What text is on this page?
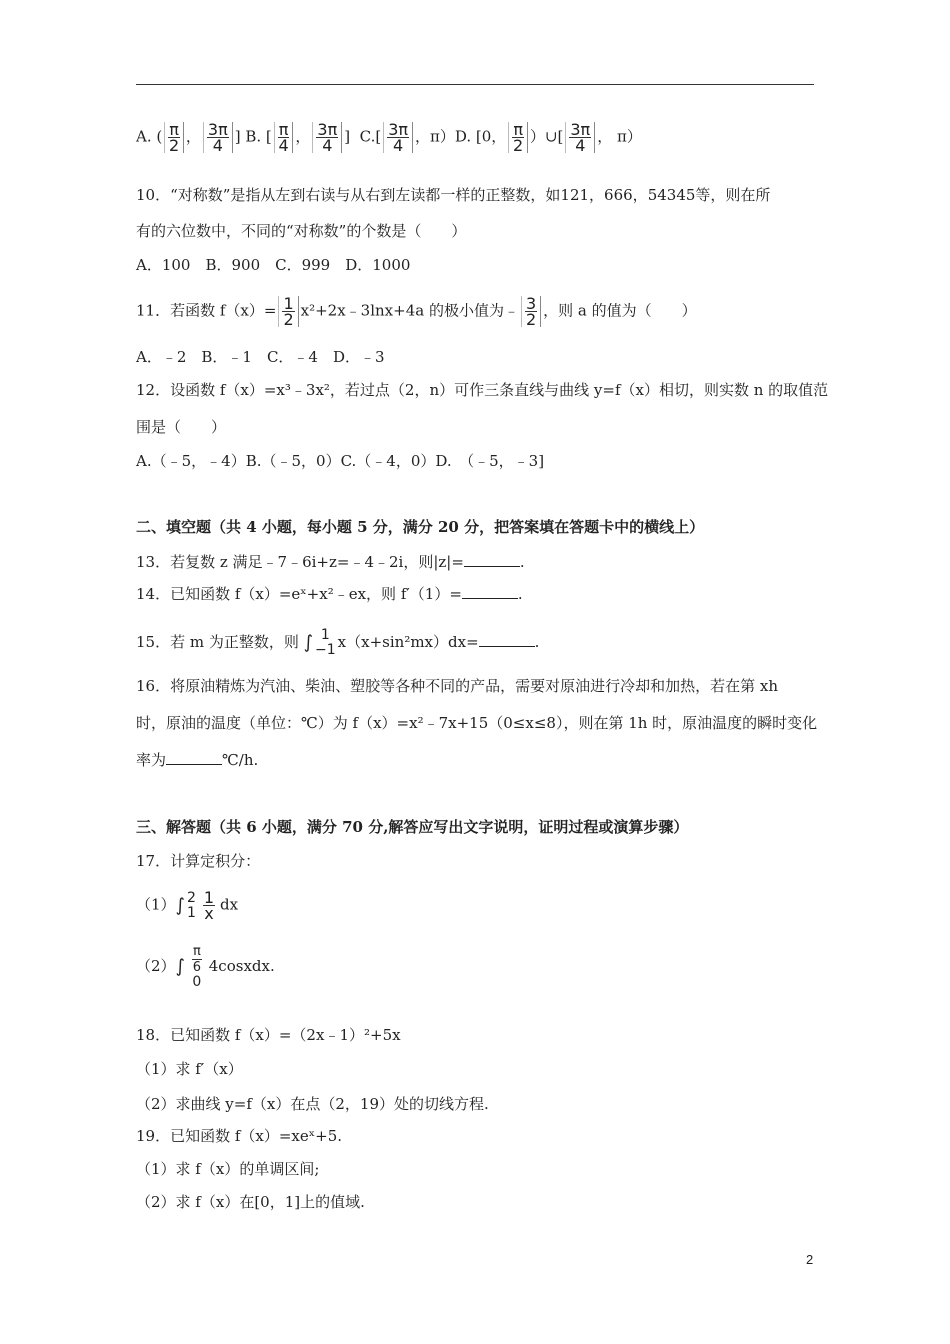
A. ( $\frac{\pi}{2}$ ， $\frac{3\pi}{4}$ ] B. [ $\frac{\pi}{4}$ ， $\frac{3\pi}{4}$ ] $C.[ \frac{3\pi}{4}$ ，π）D. [0， $\frac{\pi}{2}$ ）∪[ $\frac{3\pi}{4}$ ， π）
10．“对称数”是指从左到右读与从右到左读都一样的正整数，如121，666，54345等，则在所
有的六位数中，不同的“对称数”的个数是（　　）
A．100　B．900　C．999　D．1000
11．若函数 $f(x)= \frac{1}{2}$ x²+2x﹣3lnx+4a 的极小值为﹣ $\frac{3}{2}$ ，则 a 的值为（　　）
A．﹣2　B．﹣1　C．﹣4　D．﹣3
12．设函数 f（x）=x³﹣3x²，若过点（2，n）可作三条直线与曲线 y=f（x）相切，则实数 n 的取值范
围是（　　）
A.（﹣5，﹣4）B.（﹣5，0）C.（﹣4，0）D.　（﹣5，﹣3]
二、填空题（共 4 小题，每小题 5 分，满分 20 分，把答案填在答题卡中的横线上）
13．若复数 z 满足﹣7﹣6i+z=﹣4﹣2i，则|z|=	.
14．已知函数 f（x）=eˣ+x²﹣ex，则 f′（1）=	.
15．若 m 为正整数，则 ∫ 1
−1 x（x+sin²mx）dx=	.
16．将原油精炼为汽油、柴油、塑胶等各种不同的产品，需要对原油进行冷却和加热，若在第 xh
时，原油的温度（单位：℃）为 f（x）=x²﹣7x+15（0≤x≤8），则在第 1h 时，原油温度的瞬时变化
率为	℃/h.
三、解答题（共 6 小题，满分 70 分,解答应写出文字说明，证明过程或演算步骤）
17．计算定积分：
（1）∫ 2
$1 \frac{1}{x}$ dx
（2）∫
π
6
0
4cosxdx.
18．已知函数 f（x）=（2x﹣1）²+5x
（1）求 f′（x）
（2）求曲线 y=f（x）在点（2，19）处的切线方程.
19．已知函数 f（x）=xeˣ+5.
（1）求 f（x）的单调区间;
（2）求 f（x）在[0，1]上的值域.
2
